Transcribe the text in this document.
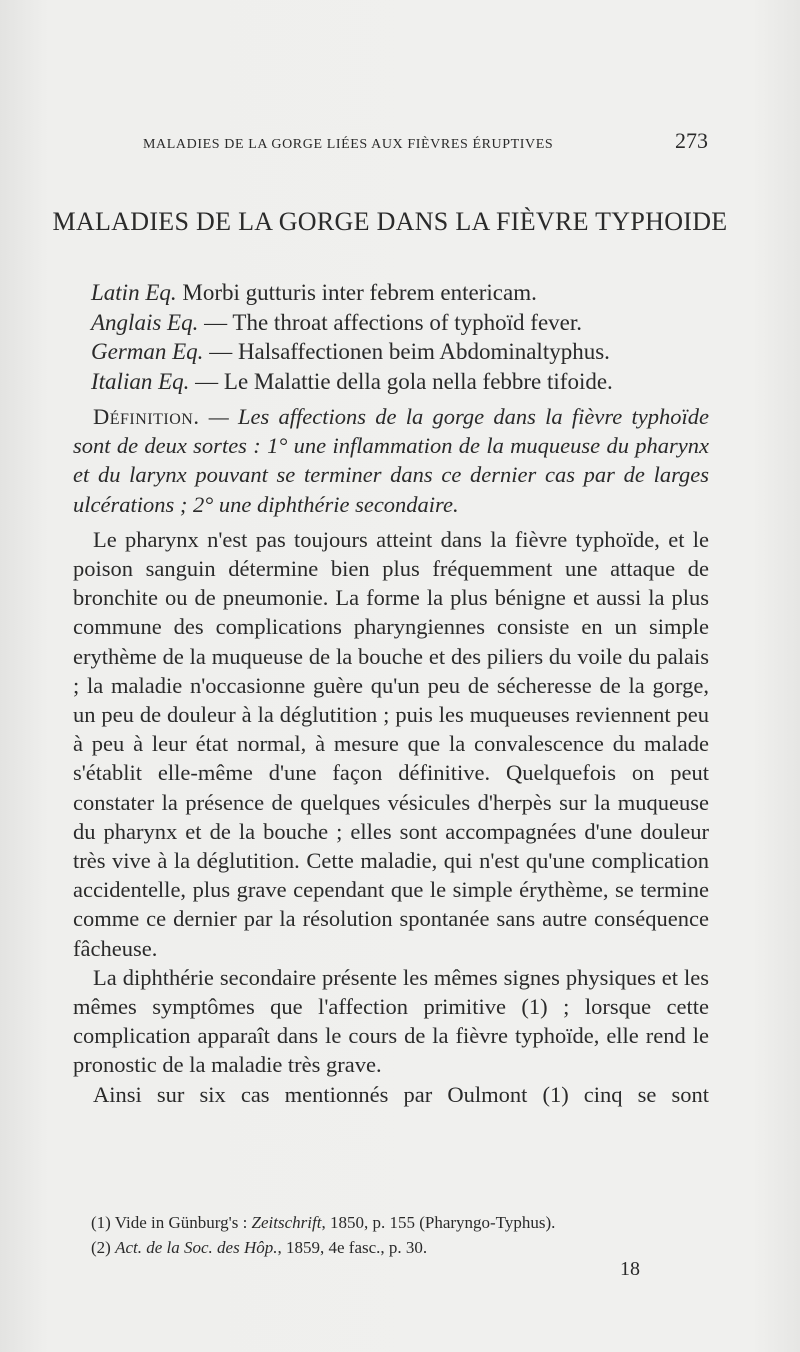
MALADIES DE LA GORGE LIÉES AUX FIÈVRES ÉRUPTIVES	273
MALADIES DE LA GORGE DANS LA FIÈVRE TYPHOIDE
Latin Eq. Morbi gutturis inter febrem entericam.
Anglais Eq. — The throat affections of typhoïd fever.
German Eq. — Halsaffectionen beim Abdominaltyphus.
Italian Eq. — Le Malattie della gola nella febbre tifoide.

Définition. — Les affections de la gorge dans la fièvre typhoïde sont de deux sortes : 1° une inflammation de la muqueuse du pharynx et du larynx pouvant se terminer dans ce dernier cas par de larges ulcérations ; 2° une diphthérie secondaire.

Le pharynx n'est pas toujours atteint dans la fièvre typhoïde, et le poison sanguin détermine bien plus fréquemment une attaque de bronchite ou de pneumonie. La forme la plus bénigne et aussi la plus commune des complications pharyngiennes consiste en un simple erythème de la muqueuse de la bouche et des piliers du voile du palais ; la maladie n'occasionne guère qu'un peu de sécheresse de la gorge, un peu de douleur à la déglutition ; puis les muqueuses reviennent peu à peu à leur état normal, à mesure que la convalescence du malade s'établit elle-même d'une façon définitive. Quelquefois on peut constater la présence de quelques vésicules d'herpès sur la muqueuse du pharynx et de la bouche ; elles sont accompagnées d'une douleur très vive à la déglutition. Cette maladie, qui n'est qu'une complication accidentelle, plus grave cependant que le simple érythème, se termine comme ce dernier par la résolution spontanée sans autre conséquence fâcheuse.

La diphthérie secondaire présente les mêmes signes physiques et les mêmes symptômes que l'affection primitive (1) ; lorsque cette complication apparaît dans le cours de la fièvre typhoïde, elle rend le pronostic de la maladie très grave.

Ainsi sur six cas mentionnés par Oulmont (1) cinq se sont

(1) Vide in Günburg's : Zeitschrift, 1850, p. 155 (Pharyngo-Typhus).
(2) Act. de la Soc. des Hôp., 1859, 4e fasc., p. 30.
18
